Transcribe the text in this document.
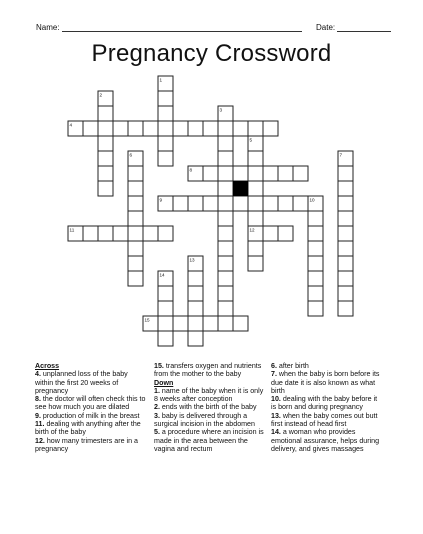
Name:	Date:
Pregnancy Crossword
1
2
3
4
5
6	7
8
9	10
11	12
13
14
15

Across

4. unplanned loss of the baby within the first 20 weeks of pregnancy

8. the doctor will often check this to see how much you are dilated

9. production of milk in the breast

11. dealing with anything after the birth of the baby

12. how many trimesters are in a pregnancy

15. transfers oxygen and nutrients from the mother to the baby

Down

1. name of the baby when it is only 8 weeks after conception

2. ends with the birth of the baby

3. baby is delivered through a surgical incision in the abdomen

5. a procedure where an incision is made in the area between the vagina and rectum

6. after birth

7. when the baby is born before its due date it is also known as what birth

10. dealing with the baby before it is born and during pregnancy

13. when the baby comes out butt first instead of head first

14. a woman who provides emotional assurance, helps during delivery, and gives massages
